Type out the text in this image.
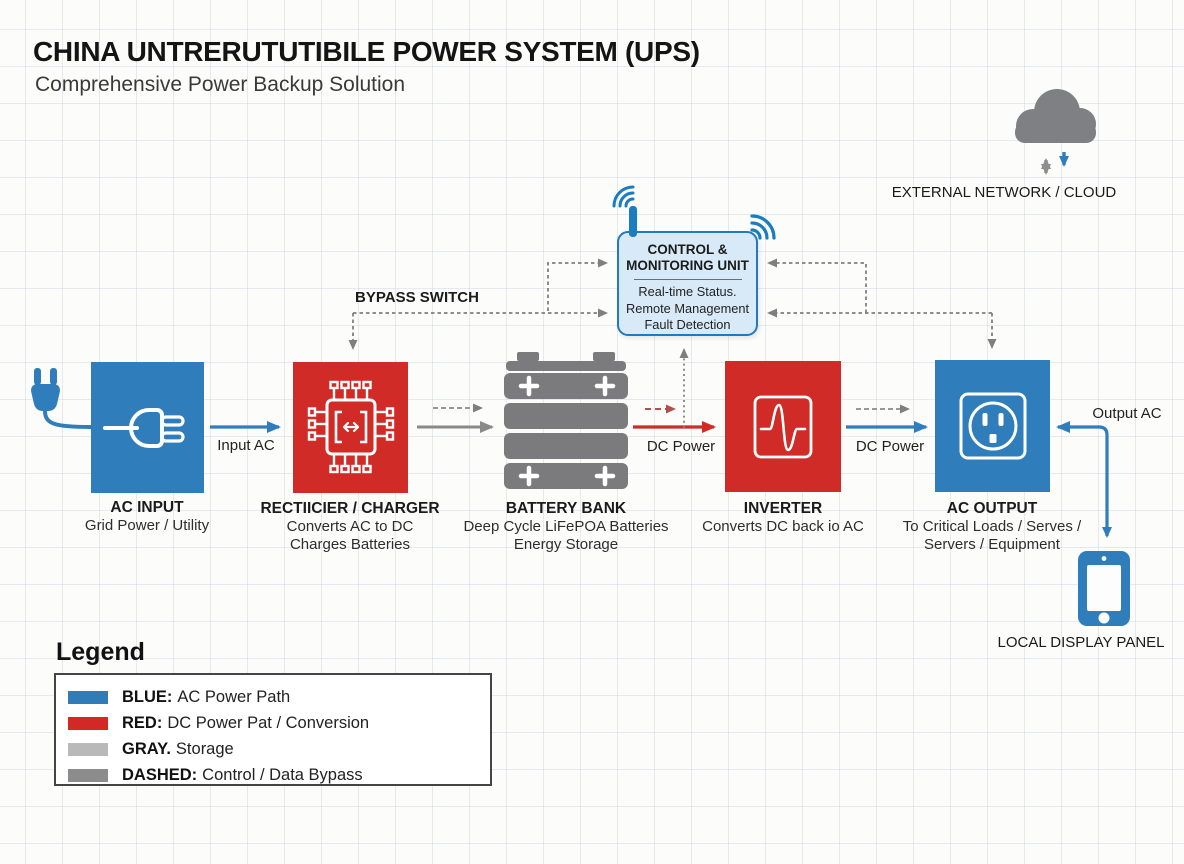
CHINA UNTRERUTUTIBILE POWER SYSTEM (UPS)
Comprehensive Power Backup Solution
CONTROL &
MONITORING UNIT
Real-time Status.
Remote Management
Fault Detection
AC INPUT
Grid Power / Utility
RECTIICIER / CHARGER
Converts AC to DC
Charges Batteries
BATTERY BANK
Deep Cycle LiFePOA Batteries
Energy Storage
INVERTER
Converts DC back io AC
AC OUTPUT
To Critical Loads / Serves /
Servers / Equipment
Input AC	DC Power	DC Power
Output AC
BYPASS SWITCH
EXTERNAL NETWORK / CLOUD
LOCAL DISPLAY PANEL
Legend
BLUE: AC Power Path
RED: DC Power Pat / Conversion
GRAY. Storage
DASHED: Control / Data Bypass
